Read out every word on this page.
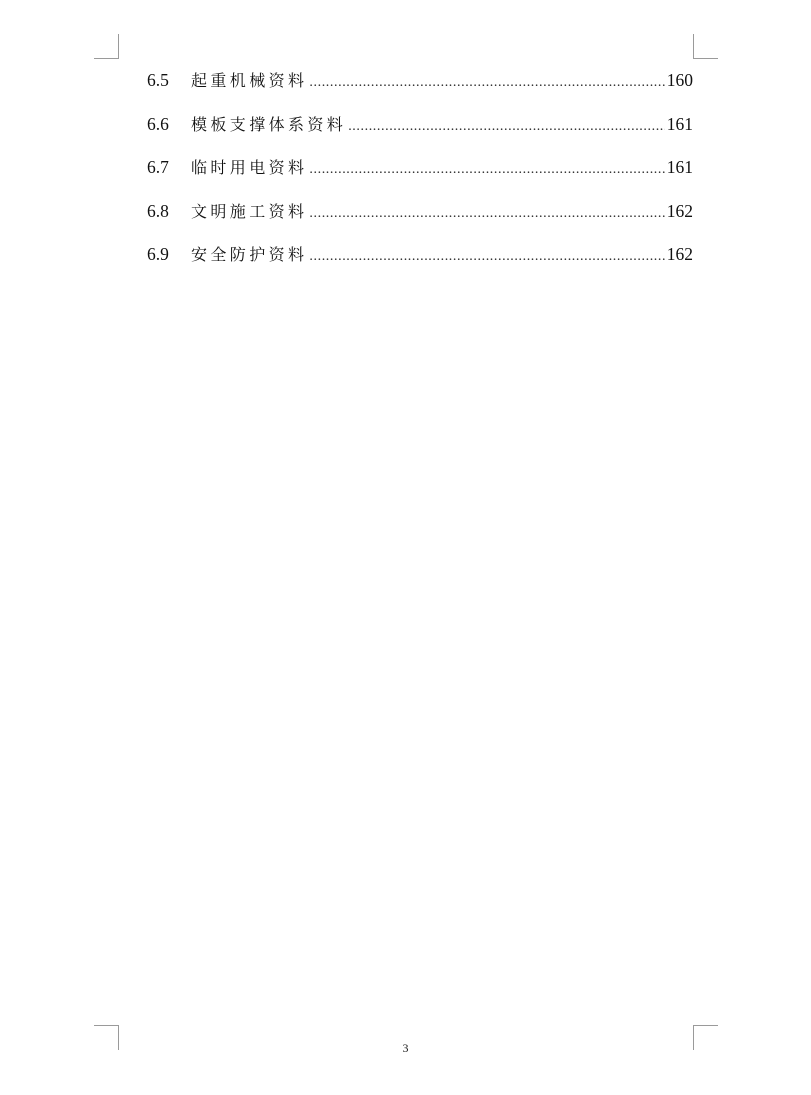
6.5	起重机械资料 .....	160
6.6	模板支撑体系资料 .....	161
6.7	临时用电资料 .....	161
6.8	文明施工资料 .....	162
6.9	安全防护资料 .....	162
3
